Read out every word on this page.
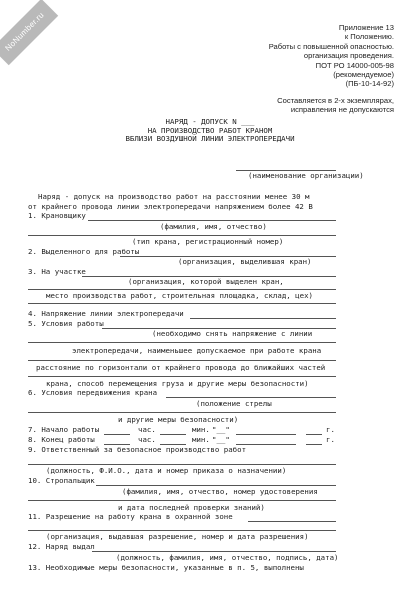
NoNumber.ru	Приложение 13
к Положению.
Работы с повышенной опасностью.
организация проведения.
ПОТ РО 14000-005-98
(рекомендуемое)
(ПБ-10-14-92)
Составляется в 2-х экземплярах,
исправления не допускаются
НАРЯД - ДОПУСК N ___
НА ПРОИЗВОДСТВО РАБОТ КРАНОМ
ВБЛИЗИ ВОЗДУШНОЙ ЛИНИИ ЭЛЕКТРОПЕРЕДАЧИ
(наименование организации)
Наряд - допуск на производство работ на расстоянии менее 30 м
от крайнего провода линии электропередачи напряжением более 42 В
1. Крановщику
(фамилия, имя, отчество)
(тип крана, регистрационный номер)
2. Выделенного для работы
(организация, выделившая кран)
3. На участке
(организация, которой выделен кран,
место производства работ, строительная площадка, склад, цех)
4. Напряжение линии электропередачи
5. Условия работы
(необходимо снять напряжение с линии
электропередачи, наименьшее допускаемое при работе крана
расстояние по горизонтали от крайнего провода до ближайших частей
крана, способ перемещения груза и другие меры безопасности)
6. Условия передвижения крана
(положение стрелы
и другие меры безопасности)
7. Начало работы	час.	мин. "__"	г.
8. Конец работы	час.	мин. "__"	г.
9. Ответственный за безопасное производство работ
(должность, Ф.И.О., дата и номер приказа о назначении)
10. Стропальщик
(фамилия, имя, отчество, номер удостоверения
и дата последней проверки знаний)
11. Разрешение на работу крана в охранной зоне
(организация, выдавшая разрешение, номер и дата разрешения)
12. Наряд выдал
(должность, фамилия, имя, отчество, подпись, дата)
13. Необходимые меры безопасности, указанные в п. 5, выполнены
